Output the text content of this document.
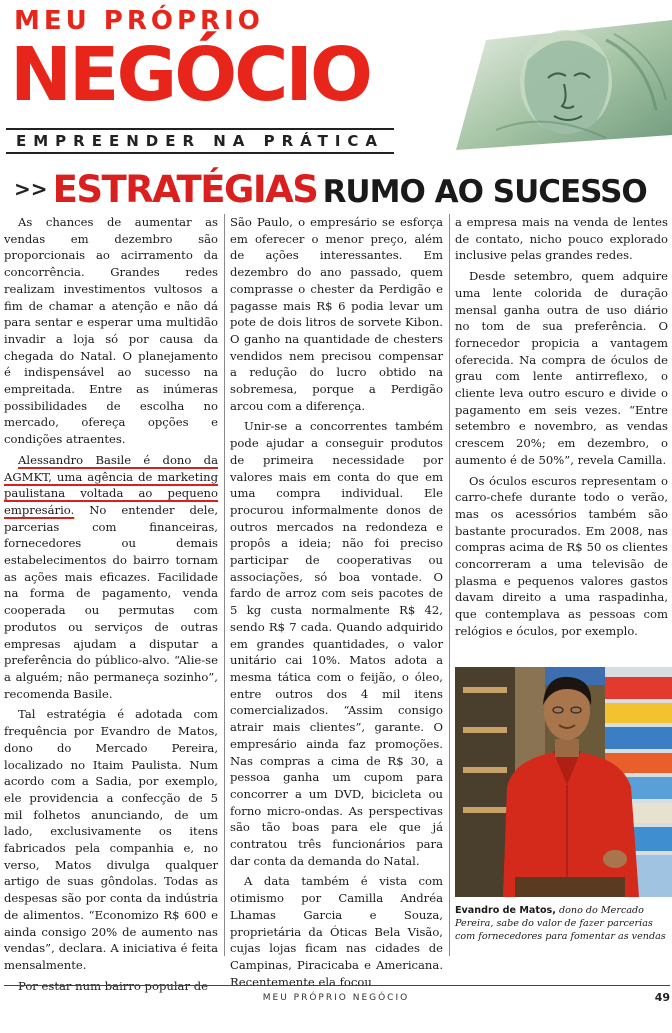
MEU PRÓPRIO
NEGÓCIO
EMPREENDER NA PRÁTICA
>> ESTRATÉGIAS RUMO AO SUCESSO

As chances de aumentar as vendas em dezembro são proporcionais ao acirramento da concorrência. Grandes redes realizam investimentos vultosos a fim de chamar a atenção e não dá para sentar e esperar uma multidão invadir a loja só por causa da chegada do Natal. O planejamento é indispensável ao sucesso na empreitada. Entre as inúmeras possibilidades de escolha no mercado, ofereça opções e condições atraentes.

Alessandro Basile é dono da AGMKT, uma agência de marketing paulistana voltada ao pequeno empresário. No entender dele, parcerias com financeiras, fornecedores ou demais estabelecimentos do bairro tornam as ações mais eficazes. Facilidade na forma de pagamento, venda cooperada ou permutas com produtos ou serviços de outras empresas ajudam a disputar a preferência do público-alvo. “Alie-se a alguém; não permaneça sozinho”, recomenda Basile.

Tal estratégia é adotada com frequência por Evandro de Matos, dono do Mercado Pereira, localizado no Itaim Paulista. Num acordo com a Sadia, por exemplo, ele providencia a confecção de 5 mil folhetos anunciando, de um lado, exclusivamente os itens fabricados pela companhia e, no verso, Matos divulga qualquer artigo de suas gôndolas. Todas as despesas são por conta da indústria de alimentos. “Economizo R$ 600 e ainda consigo 20% de aumento nas vendas”, declara. A iniciativa é feita mensalmente.

Por estar num bairro popular de

São Paulo, o empresário se esforça em oferecer o menor preço, além de ações interessantes. Em dezembro do ano passado, quem comprasse o chester da Perdigão e pagasse mais R$ 6 podia levar um pote de dois litros de sorvete Kibon. O ganho na quantidade de chesters vendidos nem precisou compensar a redução do lucro obtido na sobremesa, porque a Perdigão arcou com a diferença.

Unir-se a concorrentes também pode ajudar a conseguir produtos de primeira necessidade por valores mais em conta do que em uma compra individual. Ele procurou informalmente donos de outros mercados na redondeza e propôs a ideia; não foi preciso participar de cooperativas ou associações, só boa vontade. O fardo de arroz com seis pacotes de 5 kg custa normalmente R$ 42, sendo R$ 7 cada. Quando adquirido em grandes quantidades, o valor unitário cai 10%. Matos adota a mesma tática com o feijão, o óleo, entre outros dos 4 mil itens comercializados. “Assim consigo atrair mais clientes”, garante. O empresário ainda faz promoções. Nas compras a cima de R$ 30, a pessoa ganha um cupom para concorrer a um DVD, bicicleta ou forno micro-ondas. As perspectivas são tão boas para ele que já contratou três funcionários para dar conta da demanda do Natal.

A data também é vista com otimismo por Camilla Andréa Lhamas Garcia e Souza, proprietária da Óticas Bela Visão, cujas lojas ficam nas cidades de Campinas, Piracicaba e Americana. Recentemente ela focou

a empresa mais na venda de lentes de contato, nicho pouco explorado inclusive pelas grandes redes.

Desde setembro, quem adquire uma lente colorida de duração mensal ganha outra de uso diário no tom de sua preferência. O fornecedor propicia a vantagem oferecida. Na compra de óculos de grau com lente antirreflexo, o cliente leva outro escuro e divide o pagamento em seis vezes. “Entre setembro e novembro, as vendas crescem 20%; em dezembro, o aumento é de 50%”, revela Camilla.

Os óculos escuros representam o carro-chefe durante todo o verão, mas os acessórios também são bastante procurados. Em 2008, nas compras acima de R$ 50 os clientes concorreram a uma televisão de plasma e pequenos valores gastos davam direito a uma raspadinha, que contemplava as pessoas com relógios e óculos, por exemplo.

Evandro de Matos, dono do Mercado Pereira, sabe do valor de fazer parcerias com fornecedores para fomentar as vendas
MEU PRÓPRIO NEGÓCIO	49
